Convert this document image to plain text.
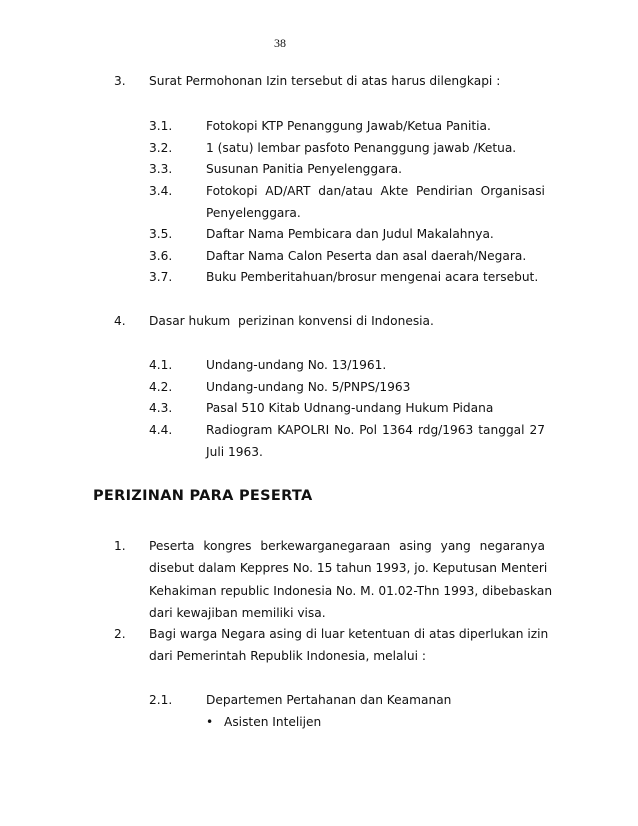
38
3. Surat Permohonan Izin tersebut di atas harus dilengkapi :
3.1.	Fotokopi KTP Penanggung Jawab/Ketua Panitia.
3.2.	1 (satu) lembar pasfoto Penanggung jawab /Ketua.
3.3.	Susunan Panitia Penyelenggara.
3.4.	Fotokopi AD/ART dan/atau Akte Pendirian Organisasi
Penyelenggara.
3.5.	Daftar Nama Pembicara dan Judul Makalahnya.
3.6.	Daftar Nama Calon Peserta dan asal daerah/Negara.
3.7.	Buku Pemberitahuan/brosur mengenai acara tersebut.
4. Dasar hukum  perizinan konvensi di Indonesia.
4.1.	Undang-undang No. 13/1961.
4.2.	Undang-undang No. 5/PNPS/1963
4.3.	Pasal 510 Kitab Udnang-undang Hukum Pidana
4.4.	Radiogram KAPOLRI No. Pol 1364 rdg/1963 tanggal 27
Juli 1963.
PERIZINAN PARA PESERTA
1. Peserta kongres berkewarganegaraan asing yang negaranya
disebut dalam Keppres No. 15 tahun 1993, jo. Keputusan Menteri
Kehakiman republic Indonesia No. M. 01.02-Thn 1993, dibebaskan
dari kewajiban memiliki visa.
2. Bagi warga Negara asing di luar ketentuan di atas diperlukan izin
dari Pemerintah Republik Indonesia, melalui :
2.1.	Departemen Pertahanan dan Keamanan
• Asisten Intelijen
